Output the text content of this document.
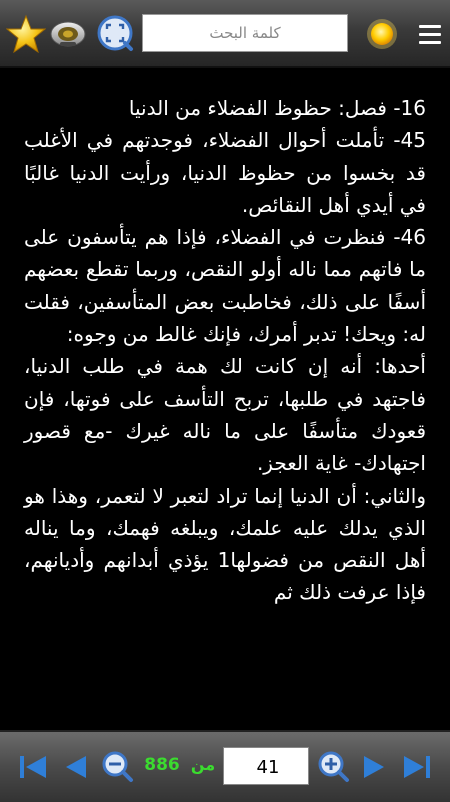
كلمة البحث

16- فصل: حظوظ الفضلاء من الدنيا

45- تأملت أحوال الفضلاء، فوجدتهم في الأغلب قد بخسوا من حظوظ الدنيا، ورأيت الدنيا غالبًا في أيدي أهل النقائص.

46- فنظرت في الفضلاء، فإذا هم يتأسفون على ما فاتهم مما ناله أولو النقص، وربما تقطع بعضهم أسفًا على ذلك، فخاطبت بعض المتأسفين، فقلت له: ويحك! تدبر أمرك، فإنك غالط من وجوه:

أحدها: أنه إن كانت لك همة في طلب الدنيا، فاجتهد في طلبها، تربح التأسف على فوتها، فإن قعودك متأسفًا على ما ناله غيرك -مع قصور اجتهادك- غاية العجز.

والثاني: أن الدنيا إنما تراد لتعبر لا لتعمر، وهذا هو الذي يدلك عليه علمك، ويبلغه فهمك، وما يناله أهل النقص من فضولها1 يؤذي أبدانهم وأديانهم، فإذا عرفت ذلك ثم

886 من
41
